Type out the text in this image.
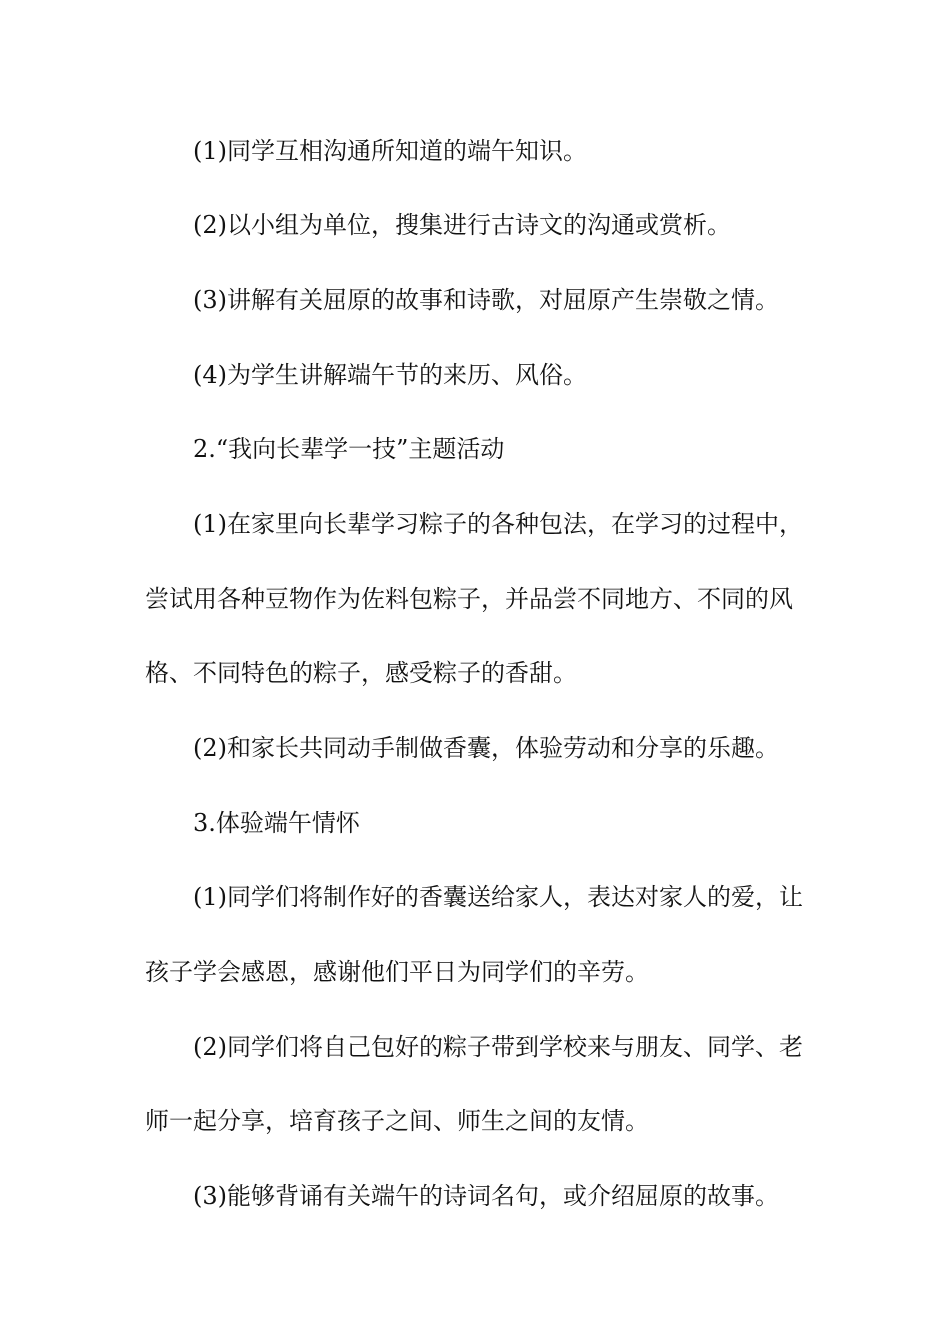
(1)同学互相沟通所知道的端午知识。
(2)以小组为单位，搜集进行古诗文的沟通或赏析。
(3)讲解有关屈原的故事和诗歌，对屈原产生崇敬之情。
(4)为学生讲解端午节的来历、风俗。
2.“我向长辈学一技”主题活动
(1)在家里向长辈学习粽子的各种包法，在学习的过程中，
尝试用各种豆物作为佐料包粽子，并品尝不同地方、不同的风
格、不同特色的粽子，感受粽子的香甜。
(2)和家长共同动手制做香囊，体验劳动和分享的乐趣。
3.体验端午情怀
(1)同学们将制作好的香囊送给家人，表达对家人的爱，让
孩子学会感恩，感谢他们平日为同学们的辛劳。
(2)同学们将自己包好的粽子带到学校来与朋友、同学、老
师一起分享，培育孩子之间、师生之间的友情。
(3)能够背诵有关端午的诗词名句，或介绍屈原的故事。
